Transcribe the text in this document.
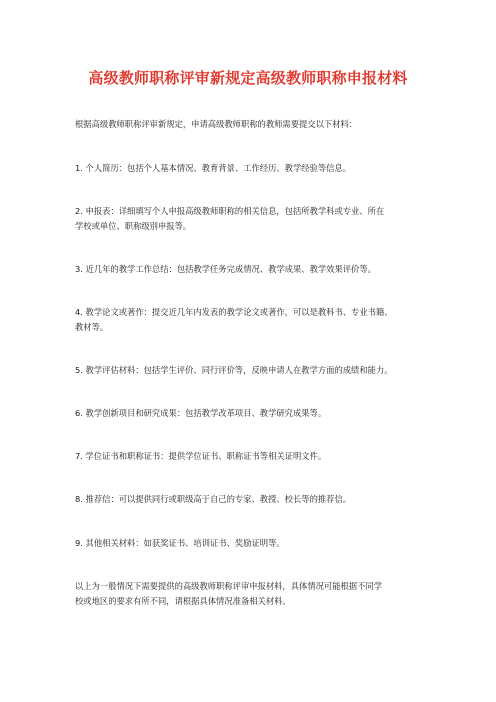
高级教师职称评审新规定高级教师职称申报材料
根据高级教师职称评审新规定，申请高级教师职称的教师需要提交以下材料：
1. 个人简历：包括个人基本情况、教育背景、工作经历、教学经验等信息。
2. 申报表：详细填写个人申报高级教师职称的相关信息，包括所教学科或专业、所在
学校或单位、职称级别申报等。
3. 近几年的教学工作总结：包括教学任务完成情况、教学成果、教学效果评价等。
4. 教学论文或著作：提交近几年内发表的教学论文或著作，可以是教科书、专业书籍、
教材等。
5. 教学评估材料：包括学生评价、同行评价等，反映申请人在教学方面的成绩和能力。
6. 教学创新项目和研究成果：包括教学改革项目、教学研究成果等。
7. 学位证书和职称证书：提供学位证书、职称证书等相关证明文件。
8. 推荐信：可以提供同行或职级高于自己的专家、教授、校长等的推荐信。
9. 其他相关材料：如获奖证书、培训证书、奖励证明等。
以上为一般情况下需要提供的高级教师职称评审申报材料，具体情况可能根据不同学
校或地区的要求有所不同，请根据具体情况准备相关材料。
